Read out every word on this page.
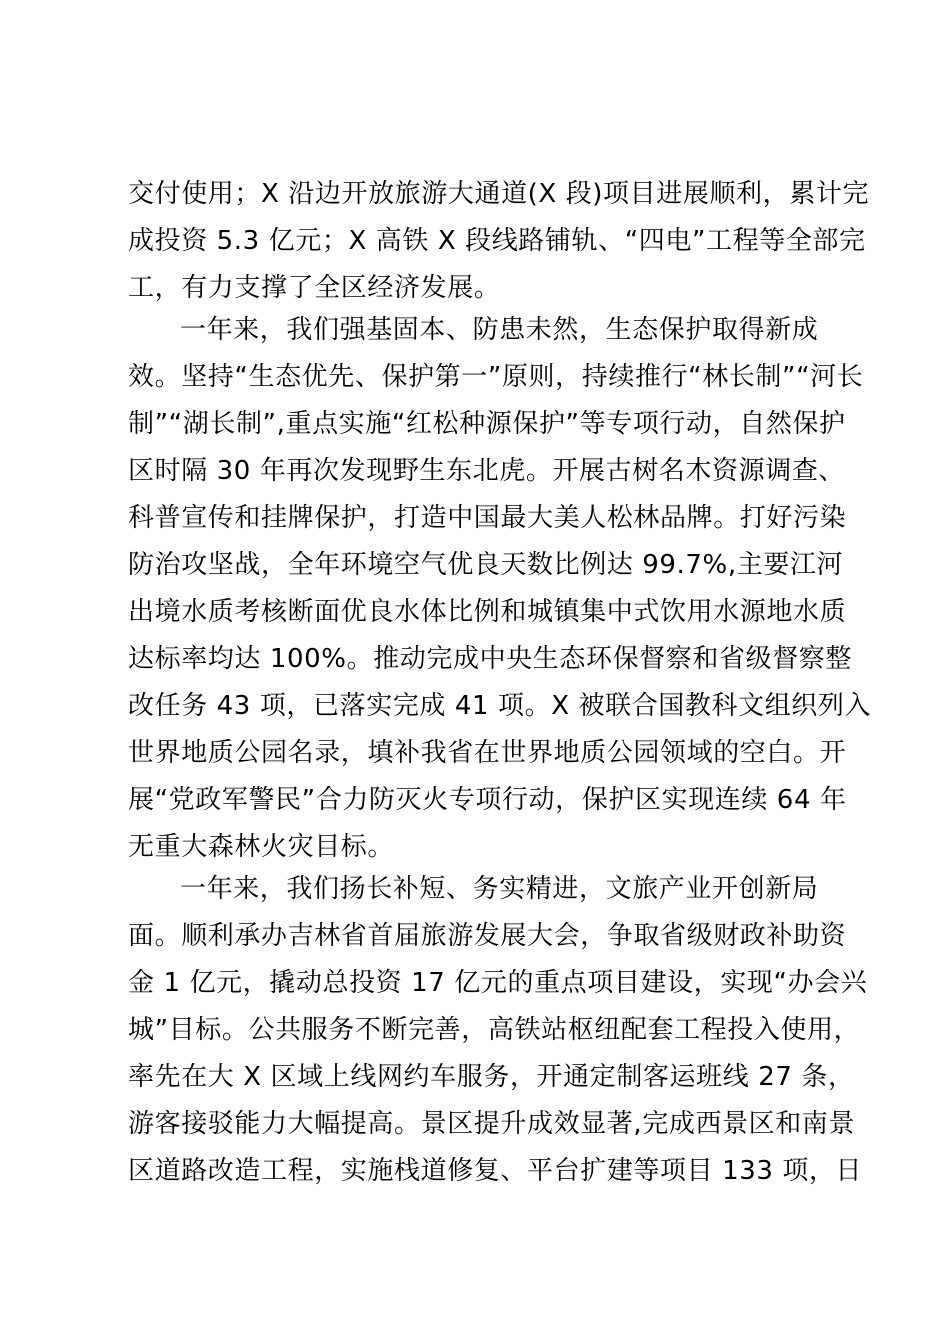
交付使用；X 沿边开放旅游大通道(X 段)项目进展顺利，累计完
成投资 5.3 亿元；X 高铁 X 段线路铺轨、“四电”工程等全部完
工，有力支撑了全区经济发展。
一年来，我们强基固本、防患未然，生态保护取得新成
效。坚持“生态优先、保护第一”原则，持续推行“林长制”“河长
制”“湖长制”,重点实施“红松种源保护”等专项行动，自然保护
区时隔 30 年再次发现野生东北虎。开展古树名木资源调查、
科普宣传和挂牌保护，打造中国最大美人松林品牌。打好污染
防治攻坚战，全年环境空气优良天数比例达 99.7%,主要江河
出境水质考核断面优良水体比例和城镇集中式饮用水源地水质
达标率均达 100%。推动完成中央生态环保督察和省级督察整
改任务 43 项，已落实完成 41 项。X 被联合国教科文组织列入
世界地质公园名录，填补我省在世界地质公园领域的空白。开
展“党政军警民”合力防灭火专项行动，保护区实现连续 64 年
无重大森林火灾目标。
一年来，我们扬长补短、务实精进，文旅产业开创新局
面。顺利承办吉林省首届旅游发展大会，争取省级财政补助资
金 1 亿元，撬动总投资 17 亿元的重点项目建设，实现“办会兴
城”目标。公共服务不断完善，高铁站枢纽配套工程投入使用，
率先在大 X 区域上线网约车服务，开通定制客运班线 27 条，
游客接驳能力大幅提高。景区提升成效显著,完成西景区和南景
区道路改造工程，实施栈道修复、平台扩建等项目 133 项，日
